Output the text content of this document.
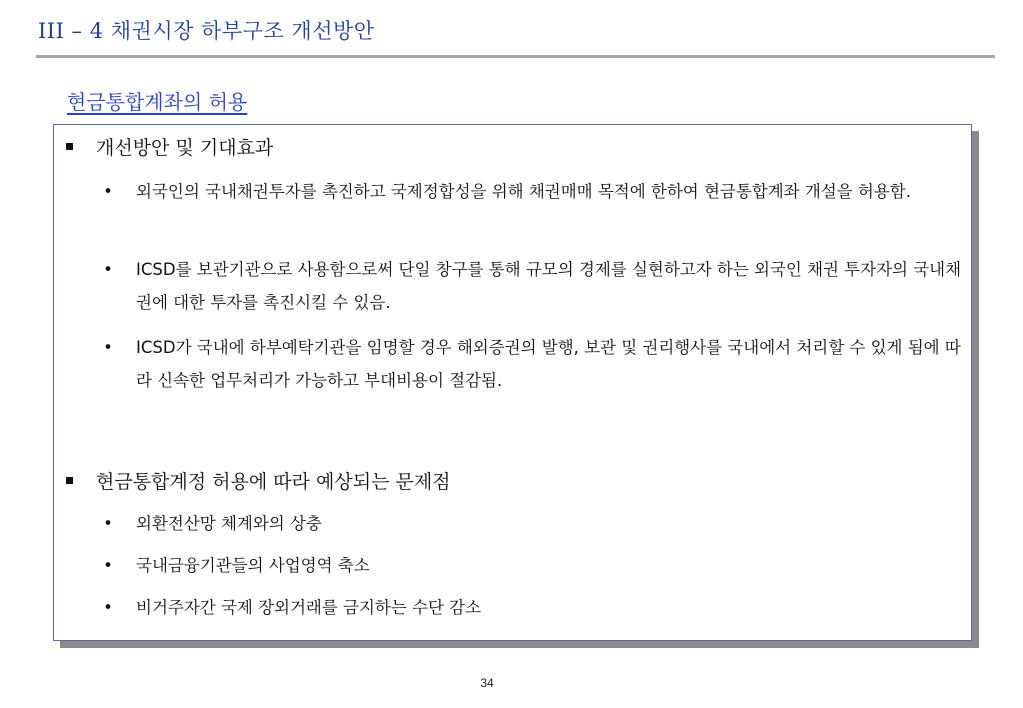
III – 4 채권시장 하부구조 개선방안
현금통합계좌의 허용
개선방안 및 기대효과
• 외국인의 국내채권투자를 촉진하고 국제정합성을 위해 채권매매 목적에 한하여 현금통합계좌 개설을 허용함.
• ICSD를 보관기관으로 사용함으로써 단일 창구를 통해 규모의 경제를 실현하고자 하는 외국인 채권 투자자의 국내채권에 대한 투자를 촉진시킬 수 있음.
• ICSD가 국내에 하부예탁기관을 임명할 경우 해외증권의 발행, 보관 및 권리행사를 국내에서 처리할 수 있게 됨에 따라 신속한 업무처리가 가능하고 부대비용이 절감됨.
현금통합계정 허용에 따라 예상되는 문제점
• 외환전산망 체계와의 상충
• 국내금융기관들의 사업영역 축소
• 비거주자간 국제 장외거래를 금지하는 수단 감소
34
